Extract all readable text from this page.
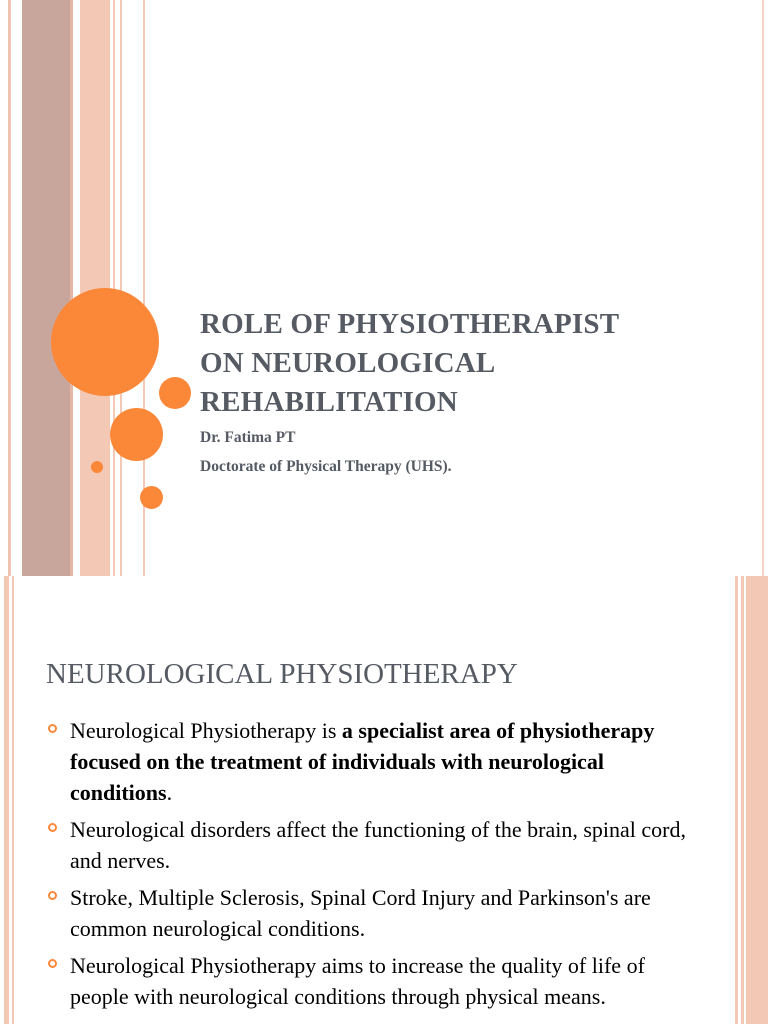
ROLE OF PHYSIOTHERAPIST
ON NEUROLOGICAL
REHABILITATION

Dr. Fatima PT

Doctorate of Physical Therapy (UHS).

NEUROLOGICAL PHYSIOTHERAPY
Neurological Physiotherapy is a specialist area of physiotherapy focused on the treatment of individuals with neurological conditions.
Neurological disorders affect the functioning of the brain, spinal cord, and nerves.
Stroke, Multiple Sclerosis, Spinal Cord Injury and Parkinson's are common neurological conditions.
Neurological Physiotherapy aims to increase the quality of life of people with neurological conditions through physical means.
